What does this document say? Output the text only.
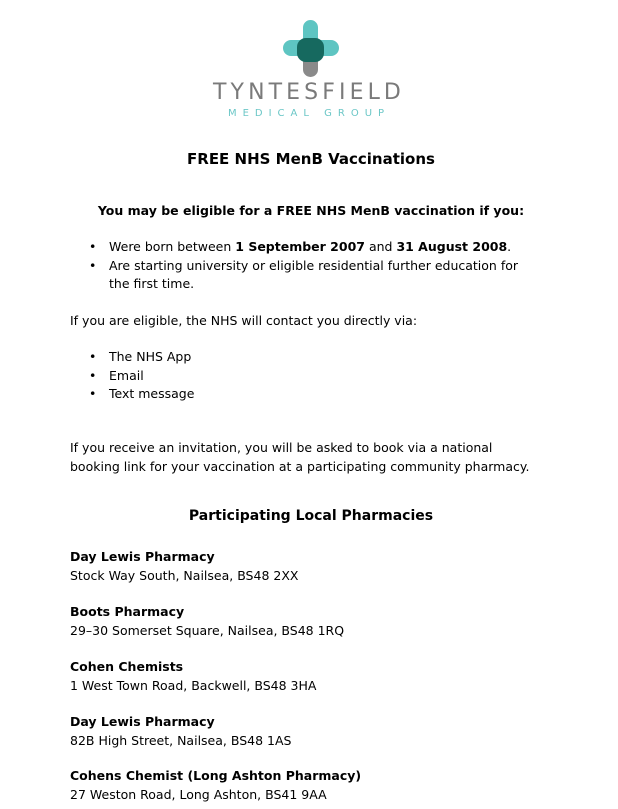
TYNTESFIELD
MEDICAL GROUP
FREE NHS MenB Vaccinations
You may be eligible for a FREE NHS MenB vaccination if you:
• Were born between 1 September 2007 and 31 August 2008.
• Are starting university or eligible residential further education for the first time.
If you are eligible, the NHS will contact you directly via:
• The NHS App
• Email
• Text message
If you receive an invitation, you will be asked to book via a national booking link for your vaccination at a participating community pharmacy.
Participating Local Pharmacies
Day Lewis Pharmacy
Stock Way South, Nailsea, BS48 2XX
Boots Pharmacy
29–30 Somerset Square, Nailsea, BS48 1RQ
Cohen Chemists
1 West Town Road, Backwell, BS48 3HA
Day Lewis Pharmacy
82B High Street, Nailsea, BS48 1AS
Cohens Chemist (Long Ashton Pharmacy)
27 Weston Road, Long Ashton, BS41 9AA
